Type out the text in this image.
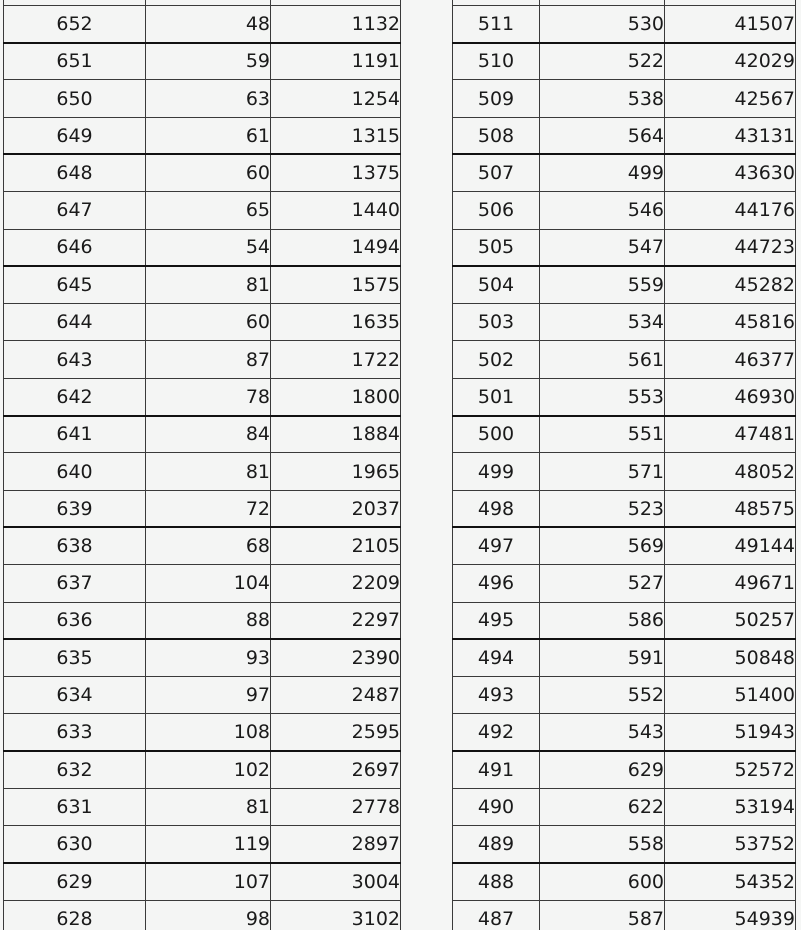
652	48	1132
651	59	1191
650	63	1254
649	61	1315
648	60	1375
647	65	1440
646	54	1494
645	81	1575
644	60	1635
643	87	1722
642	78	1800
641	84	1884
640	81	1965
639	72	2037
638	68	2105
637	104	2209
636	88	2297
635	93	2390
634	97	2487
633	108	2595
632	102	2697
631	81	2778
630	119	2897
629	107	3004
628	98	3102

511	530	41507
510	522	42029
509	538	42567
508	564	43131
507	499	43630
506	546	44176
505	547	44723
504	559	45282
503	534	45816
502	561	46377
501	553	46930
500	551	47481
499	571	48052
498	523	48575
497	569	49144
496	527	49671
495	586	50257
494	591	50848
493	552	51400
492	543	51943
491	629	52572
490	622	53194
489	558	53752
488	600	54352
487	587	54939
